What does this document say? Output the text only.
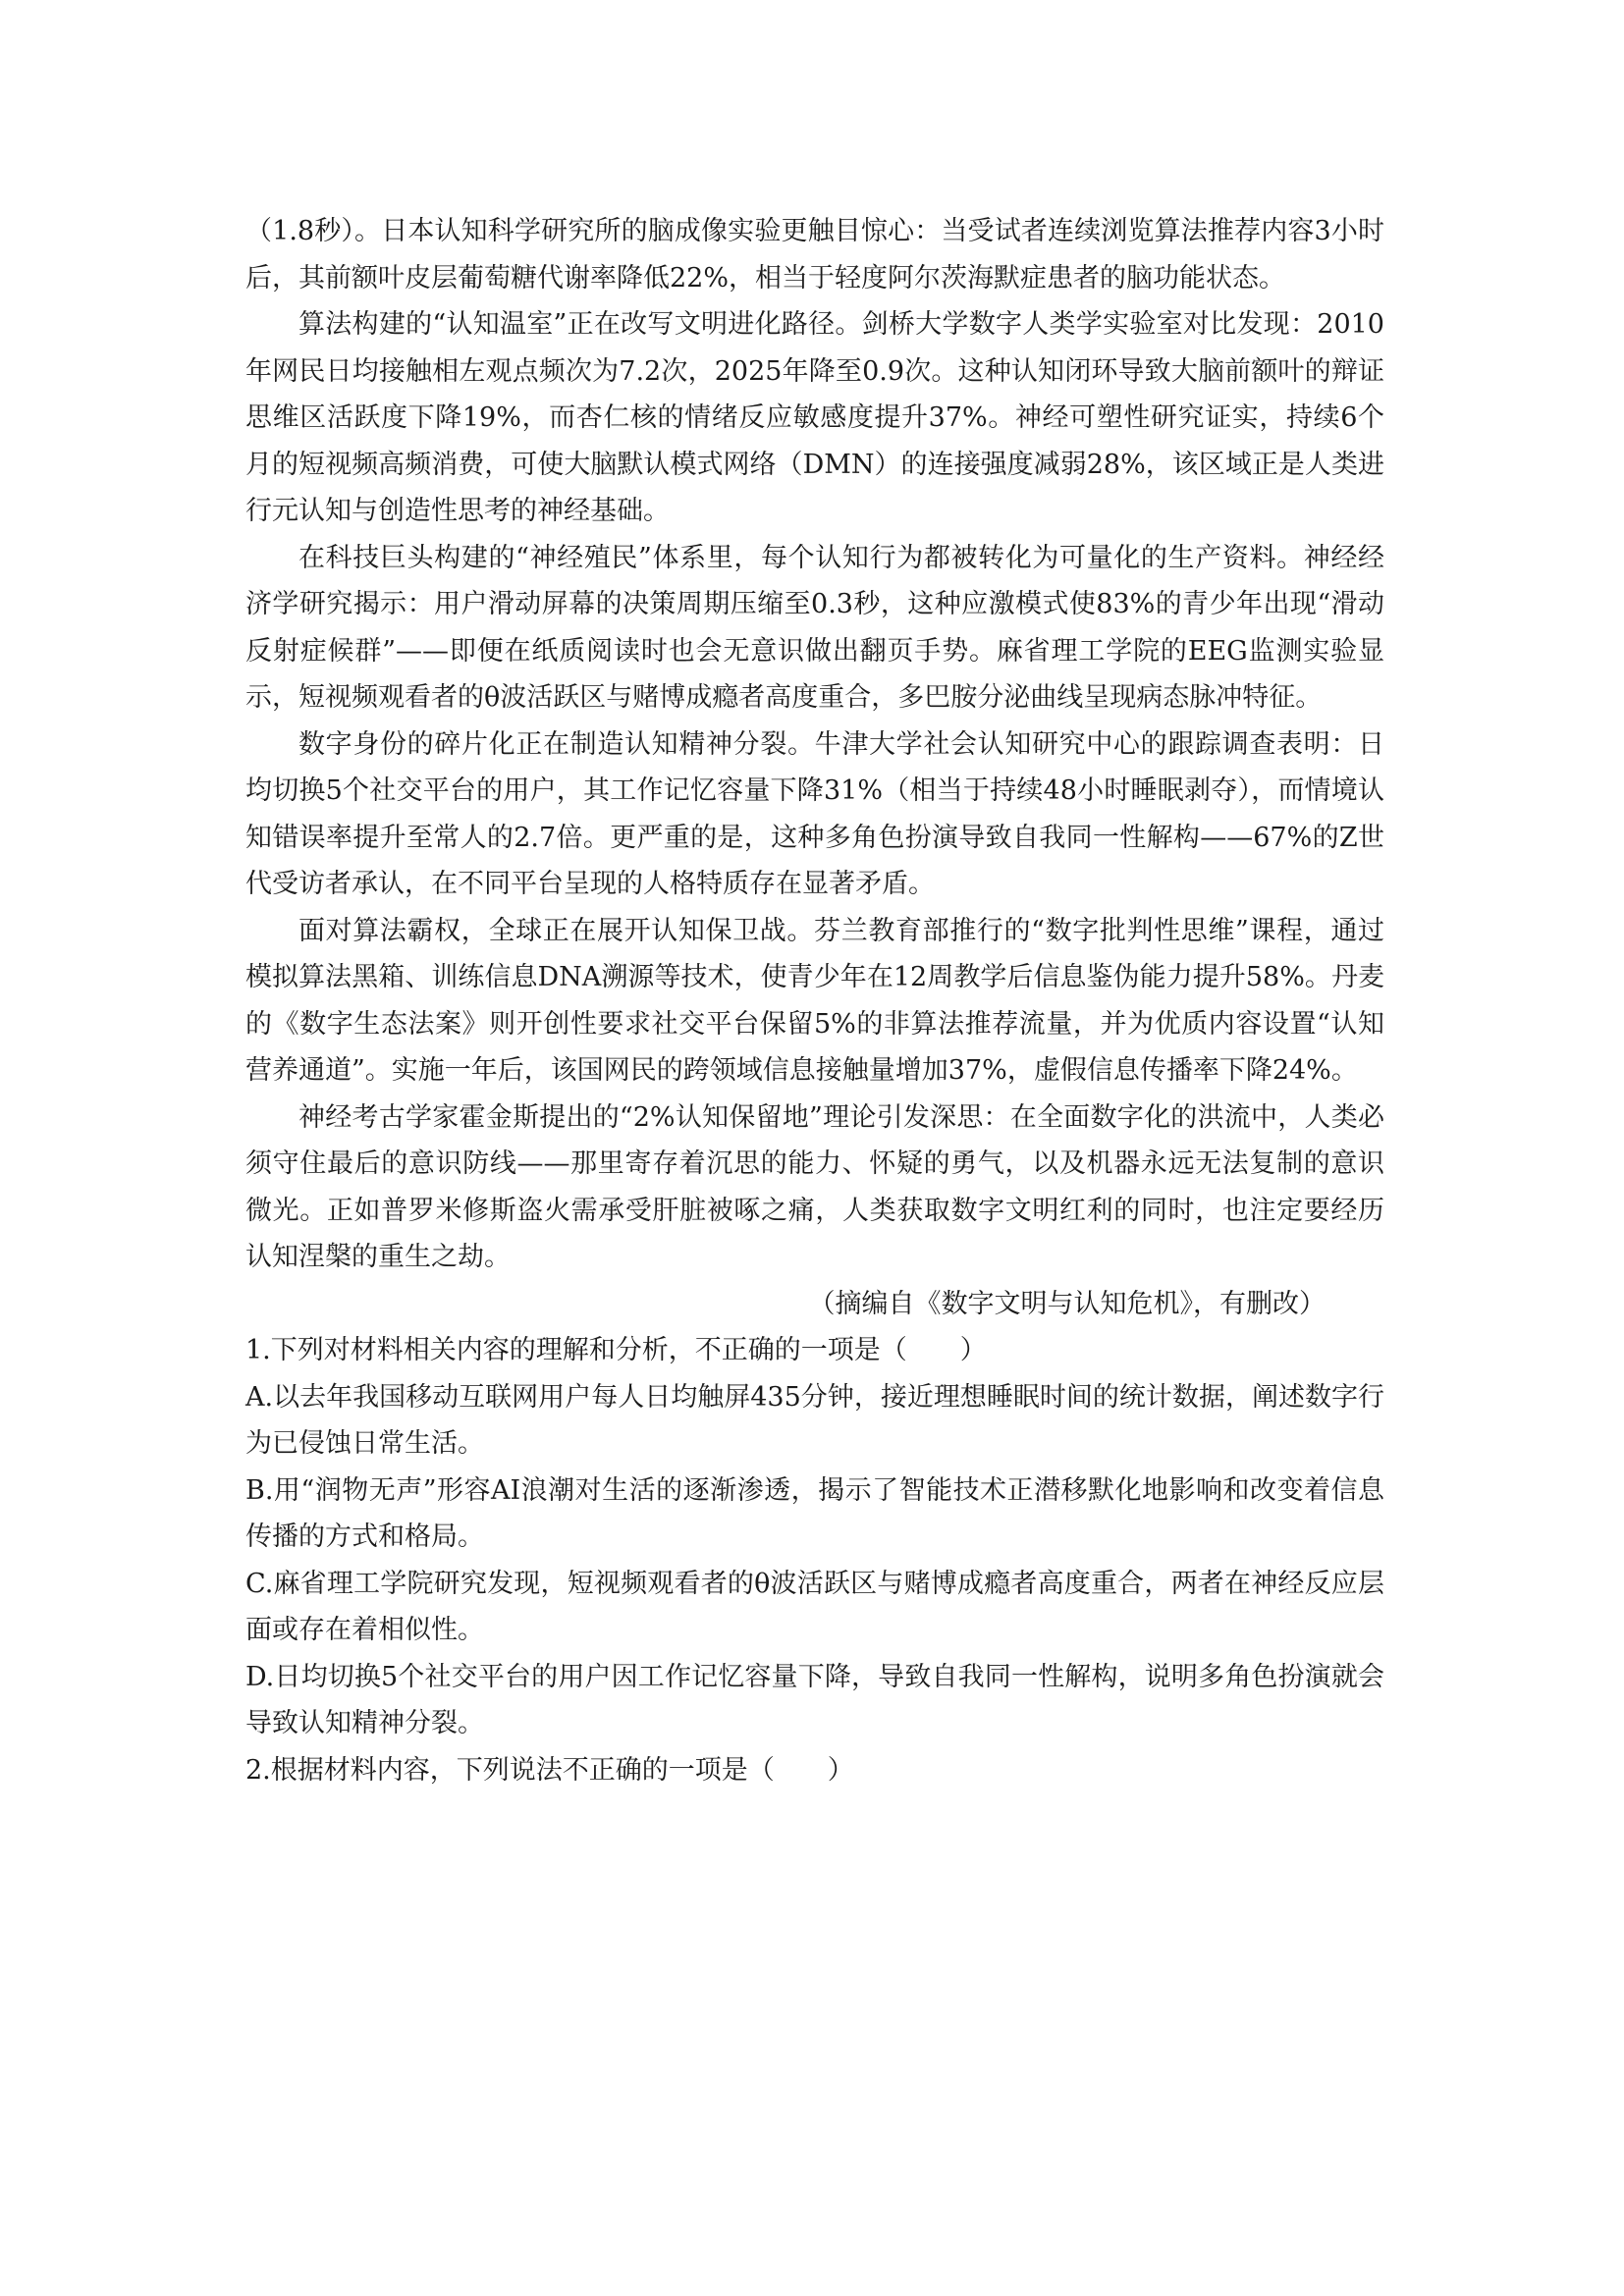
（1.8秒）。日本认知科学研究所的脑成像实验更触目惊心：当受试者连续浏览算法推荐内容3小时后，其前额叶皮层葡萄糖代谢率降低22%，相当于轻度阿尔茨海默症患者的脑功能状态。

算法构建的“认知温室”正在改写文明进化路径。剑桥大学数字人类学实验室对比发现：2010年网民日均接触相左观点频次为7.2次，2025年降至0.9次。这种认知闭环导致大脑前额叶的辩证思维区活跃度下降19%，而杏仁核的情绪反应敏感度提升37%。神经可塑性研究证实，持续6个月的短视频高频消费，可使大脑默认模式网络（DMN）的连接强度减弱28%，该区域正是人类进行元认知与创造性思考的神经基础。

在科技巨头构建的“神经殖民”体系里，每个认知行为都被转化为可量化的生产资料。神经经济学研究揭示：用户滑动屏幕的决策周期压缩至0.3秒，这种应激模式使83%的青少年出现“滑动反射症候群”——即便在纸质阅读时也会无意识做出翻页手势。麻省理工学院的EEG监测实验显示，短视频观看者的θ波活跃区与赌博成瘾者高度重合，多巴胺分泌曲线呈现病态脉冲特征。

数字身份的碎片化正在制造认知精神分裂。牛津大学社会认知研究中心的跟踪调查表明：日均切换5个社交平台的用户，其工作记忆容量下降31%（相当于持续48小时睡眠剥夺），而情境认知错误率提升至常人的2.7倍。更严重的是，这种多角色扮演导致自我同一性解构——67%的Z世代受访者承认，在不同平台呈现的人格特质存在显著矛盾。

面对算法霸权，全球正在展开认知保卫战。芬兰教育部推行的“数字批判性思维”课程，通过模拟算法黑箱、训练信息DNA溯源等技术，使青少年在12周教学后信息鉴伪能力提升58%。丹麦的《数字生态法案》则开创性要求社交平台保留5%的非算法推荐流量，并为优质内容设置“认知营养通道”。实施一年后，该国网民的跨领域信息接触量增加37%，虚假信息传播率下降24%。

神经考古学家霍金斯提出的“2%认知保留地”理论引发深思：在全面数字化的洪流中，人类必须守住最后的意识防线——那里寄存着沉思的能力、怀疑的勇气，以及机器永远无法复制的意识微光。正如普罗米修斯盗火需承受肝脏被啄之痛，人类获取数字文明红利的同时，也注定要经历认知涅槃的重生之劫。

（摘编自《数字文明与认知危机》，有删改）

1.下列对材料相关内容的理解和分析，不正确的一项是（　　）

A.以去年我国移动互联网用户每人日均触屏435分钟，接近理想睡眠时间的统计数据，阐述数字行为已侵蚀日常生活。

B.用“润物无声”形容AI浪潮对生活的逐渐渗透，揭示了智能技术正潜移默化地影响和改变着信息传播的方式和格局。

C.麻省理工学院研究发现，短视频观看者的θ波活跃区与赌博成瘾者高度重合，两者在神经反应层面或存在着相似性。

D.日均切换5个社交平台的用户因工作记忆容量下降，导致自我同一性解构，说明多角色扮演就会导致认知精神分裂。

2.根据材料内容，下列说法不正确的一项是（　　）
